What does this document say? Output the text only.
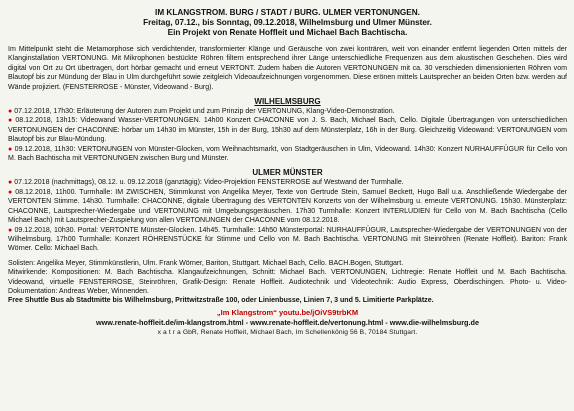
IM KLANGSTROM. BURG / STADT / BURG. ULMER VERTONUNGEN.
Freitag, 07.12., bis Sonntag, 09.12.2018, Wilhelmsburg und Ulmer Münster.
Ein Projekt von Renate Hoffleit und Michael Bach Bachtischa.
Im Mittelpunkt steht die Metamorphose sich verdichtender, transformierter Klänge und Geräusche von zwei konträren, weit von einander entfernt liegenden Orten mittels der Klanginstallation VERTONUNG. Mit Mikrophonen bestückte Röhren filtern entsprechend ihrer Länge unterschiedliche Frequenzen aus dem akustischen Geschehen. Dies wird digital von Ort zu Ort übertragen, dort hörbar gemacht und erneut VERTONT. Zudem haben die Autoren VERTONUNGEN mit ca. 30 verschieden dimensionierten Röhren vom Blautopf bis zur Mündung der Blau in Ulm durchgeführt sowie zeitgleich Videoaufzeichnungen vorgenommen. Diese erönen mittels Lautsprecher an beiden Orten bzw. werden auf Wände projiziert. (FENSTERROSE - Münster, Videowand - Burg).
WILHELMSBURG

● 07.12.2018, 17h30: Erläuterung der Autoren zum Projekt und zum Prinzip der VERTONUNG, Klang-Video-Demonstration.

● 08.12.2018, 13h15: Videowand Wasser-VERTONUNGEN. 14h00 Konzert CHACONNE von J. S. Bach, Michael Bach, Cello. Digitale Übertragungen von unterschiedlichen VERTONUNGEN der CHACONNE: hörbar um 14h30 im Münster, 15h in der Burg, 15h30 auf dem Münsterplatz, 16h in der Burg. Gleichzeitig Videowand: VERTONUNGEN vom Blautopf bis zur Blau-Mündung.

● 09.12.2018, 11h30: VERTONUNGEN von Münster-Glocken, vom Weihnachtsmarkt, von Stadtgeräuschen in Ulm, Videowand. 14h30: Konzert NURHAUFFÜGUR für Cello von M. Bach Bachtischa mit VERTONUNGEN zwischen Burg und Münster.

ULMER MÜNSTER

● 07.12.2018 (nachmittags), 08.12. u. 09.12.2018 (ganztägig): Video-Projektion FENSTERROSE auf Westwand der Turmhalle.

● 08.12.2018, 11h00. Turmhalle: IM ZWISCHEN, Stimmkunst von Angelika Meyer, Texte von Gertrude Stein, Samuel Beckett, Hugo Ball u.a. Anschließende Wiedergabe der VERTONTEN Stimme. 14h30. Turmhalle: CHACONNE, digitale Übertragung des VERTONTEN Konzerts von der Wilhelmsburg u. erneute VERTONUNG. 15h30. Münsterplatz: CHACONNE, Lautsprecher-Wiedergabe und VERTONUNG mit Umgebungsgeräuschen. 17h30 Turmhalle: Konzert INTERLUDIEN für Cello von M. Bach Bachtischa (Cello Michael Bach) mit Lautsprecher-Zuspielung von allen VERTONUNGEN der CHACONNE vom 08.12.2018.

● 09.12.2018, 10h30. Portal: VERTONTE Münster-Glocken. 14h45. Turmhalle: 14h50 Münsterportal: NURHAUFFÜGUR, Lautsprecher-Wiedergabe der VERTONUNGEN von der Wilhelmsburg. 17h00 Turmhalle: Konzert RÖHRENSTÜCKE für Stimme und Cello von M. Bach Bachtischa. VERTONUNG mit Steinröhren (Renate Hoffleit). Bariton: Frank Wörner. Cello: Michael Bach.

Solisten: Angelika Meyer, Stimmkünstlerin, Ulm. Frank Wörner, Bariton, Stuttgart. Michael Bach, Cello. BACH.Bogen, Stuttgart.
Mitwirkende: Kompositionen: M. Bach Bachtischa. Klangaufzeichnungen, Schnitt: Michael Bach. VERTONUNGEN, Lichtregie: Renate Hoffleit und M. Bach Bachtischa. Videowand, virtuelle FENSTERROSE, Steinröhren, Grafik-Design: Renate Hoffleit. Audiotechnik und Videotechnik: Audio Express, Oberdischingen. Photo- u. Video-Dokumentation: Andreas Weber, Winnenden.
Free Shuttle Bus ab Stadtmitte bis Wilhelmsburg, Prittwitzstraße 100, oder Linienbusse, Linien 7, 3 und 5. Limitierte Parkplätze.
„Im Klangstrom“ youtu.be/jOiVS9trbKM
www.renate-hoffleit.de/im-klangstrom.html - www.renate-hoffleit.de/vertonung.html - www.die-wilhelmsburg.de
x a t r a GbR, Renate Hoffleit, Michael Bach, Im Schellenkönig 56 B, 70184 Stuttgart.
